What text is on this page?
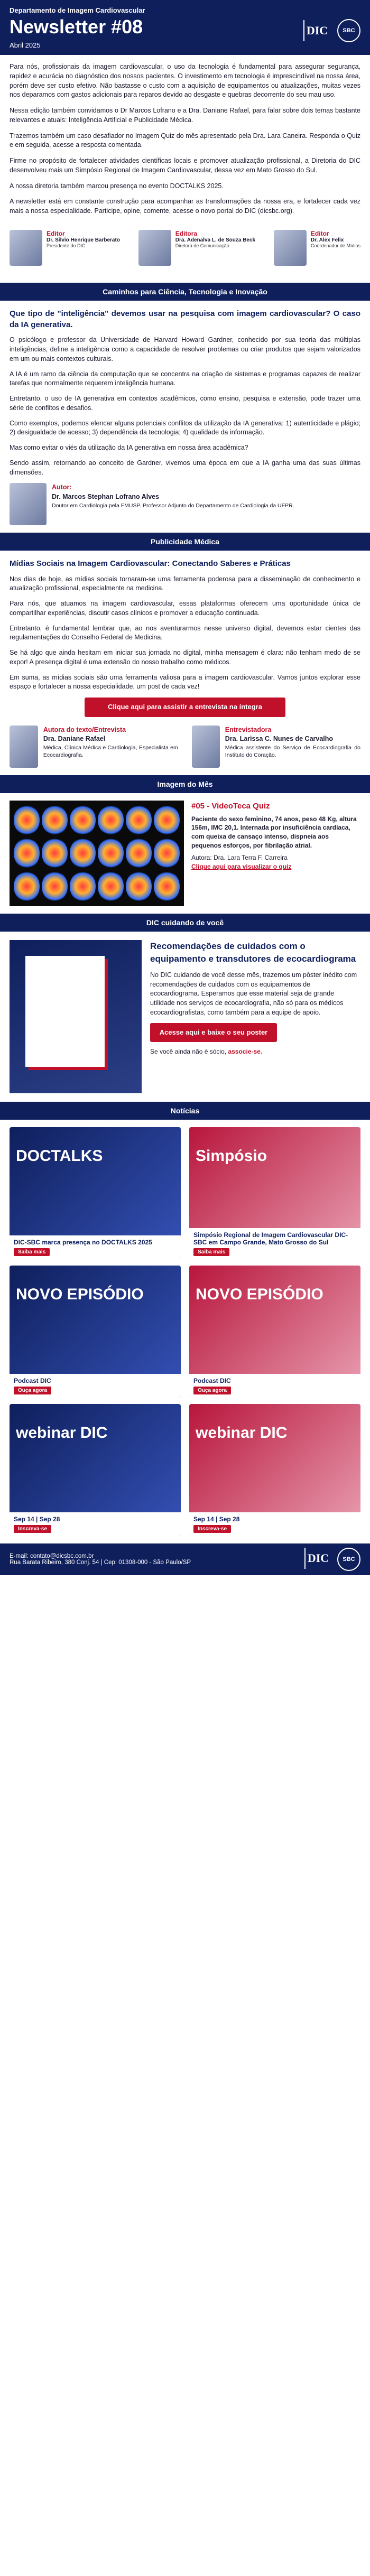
Departamento de Imagem Cardiovascular
Newsletter #08
Abril 2025
DIC	SBC

Para nós, profissionais da imagem cardiovascular, o uso da tecnologia é fundamental para assegurar segurança, rapidez e acurácia no diagnóstico dos nossos pacientes. O investimento em tecnologia é imprescindível na nossa área, porém deve ser custo efetivo. Não bastasse o custo com a aquisição de equipamentos ou atualizações, muitas vezes nos deparamos com gastos adicionais para reparos devido ao desgaste e quebras decorrente do seu mau uso.

Nessa edição também convidamos o Dr Marcos Lofrano e a Dra. Daniane Rafael, para falar sobre dois temas bastante relevantes e atuais: Inteligência Artificial e Publicidade Médica.

Trazemos também um caso desafiador no Imagem Quiz do mês apresentado pela Dra. Lara Caneira. Responda o Quiz e em seguida, acesse a resposta comentada.

Firme no propósito de fortalecer atividades científicas locais e promover atualização profissional, a Diretoria do DIC desenvolveu mais um Simpósio Regional de Imagem Cardiovascular, dessa vez em Mato Grosso do Sul.

A nossa diretoria também marcou presença no evento DOCTALKS 2025.

A newsletter está em constante construção para acompanhar as transformações da nossa era, e fortalecer cada vez mais a nossa especialidade. Participe, opine, comente, acesse o novo portal do DIC (dicsbc.org).

Editor
Dr. Silvio Henrique Barberato
Presidente do DIC
Editora
Dra. Adenalva L. de Souza Beck
Diretora de Comunicação
Editor
Dr. Alex Felix
Coordenador de Mídias
Caminhos para Ciência, Tecnologia e Inovação
Que tipo de "inteligência" devemos usar na pesquisa com imagem cardiovascular? O caso da IA generativa.

O psicólogo e professor da Universidade de Harvard Howard Gardner, conhecido por sua teoria das múltiplas inteligências, define a inteligência como a capacidade de resolver problemas ou criar produtos que sejam valorizados em um ou mais contextos culturais.

A IA é um ramo da ciência da computação que se concentra na criação de sistemas e programas capazes de realizar tarefas que normalmente requerem inteligência humana.

Entretanto, o uso de IA generativa em contextos acadêmicos, como ensino, pesquisa e extensão, pode trazer uma série de conflitos e desafios.

Como exemplos, podemos elencar alguns potenciais conflitos da utilização da IA generativa: 1) autenticidade e plágio; 2) desigualdade de acesso; 3) dependência da tecnologia; 4) qualidade da informação.

Mas como evitar o viés da utilização da IA generativa em nossa área acadêmica?

Sendo assim, retornando ao conceito de Gardner, vivemos uma época em que a IA ganha uma das suas últimas dimensões.

Autor:
Dr. Marcos Stephan Lofrano Alves
Doutor em Cardiologia pela FMUSP. Professor Adjunto do Departamento de Cardiologia da UFPR.
Publicidade Médica
Mídias Sociais na Imagem Cardiovascular: Conectando Saberes e Práticas

Nos dias de hoje, as mídias sociais tornaram-se uma ferramenta poderosa para a disseminação de conhecimento e atualização profissional, especialmente na medicina.

Para nós, que atuamos na imagem cardiovascular, essas plataformas oferecem uma oportunidade única de compartilhar experiências, discutir casos clínicos e promover a educação continuada.

Entretanto, é fundamental lembrar que, ao nos aventurarmos nesse universo digital, devemos estar cientes das regulamentações do Conselho Federal de Medicina.

Se há algo que ainda hesitam em iniciar sua jornada no digital, minha mensagem é clara: não tenham medo de se expor! A presença digital é uma extensão do nosso trabalho como médicos.

Em suma, as mídias sociais são uma ferramenta valiosa para a imagem cardiovascular. Vamos juntos explorar esse espaço e fortalecer a nossa especialidade, um post de cada vez!

Clique aqui para assistir a entrevista na íntegra
Autora do texto/Entrevista
Dra. Daniane Rafael
Médica, Clínica Médica e Cardiologia, Especialista em Ecocardiografia.
Entrevistadora
Dra. Larissa C. Nunes de Carvalho
Médica assistente do Serviço de Ecocardiografia do Instituto do Coração.
Imagem do Mês
#05 - VideoTeca Quiz
Paciente do sexo feminino, 74 anos, peso 48 Kg, altura 156m, IMC 20,1. Internada por insuficiência cardíaca, com queixa de cansaço intenso, dispneia aos pequenos esforços, por fibrilação atrial.
Autora: Dra. Lara Terra F. Carreira
Clique aqui para visualizar o quiz
DIC cuidando de você
Recomendações de cuidados com o equipamento e transdutores de ecocardiograma
No DIC cuidando de você desse mês, trazemos um pôster inédito com recomendações de cuidados com os equipamentos de ecocardiograma. Esperamos que esse material seja de grande utilidade nos serviços de ecocardiografia, não só para os médicos ecocardiografistas, como também para a equipe de apoio.
Acesse aqui e baixe o seu poster
Se você ainda não é sócio, associe-se.
Notícias
DOCTALKS
DIC-SBC marca presença no DOCTALKS 2025
Saiba mais
Simpósio
Simpósio Regional de Imagem Cardiovascular DIC-SBC em Campo Grande, Mato Grosso do Sul
Saiba mais
NOVO EPISÓDIO
Podcast DIC
Ouça agora
NOVO EPISÓDIO
Podcast DIC
Ouça agora
webinar DIC
Sep 14 | Sep 28
Inscreva-se
webinar DIC
Sep 14 | Sep 28
Inscreva-se
E-mail: contato@dicsbc.com.br
Rua Barata Ribeiro, 380 Conj. 54 | Cep: 01308-000 - São Paulo/SP	DIC	SBC
